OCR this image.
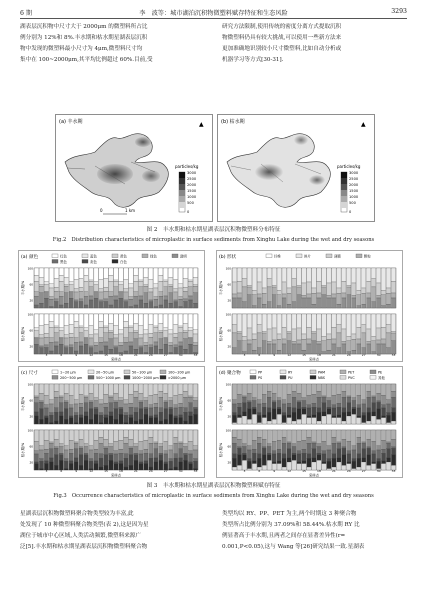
6 期	李　波等：城市湖泊沉积物微塑料赋存特征和生态风险	3293
湖表层沉积物中尺寸大于 2000μm 的微塑料所占比
例分别为 12%和 8%.丰水期和枯水期星湖表层沉积
物中发现的微塑料最小尺寸为 4μm,微塑料尺寸均
集中在 100~2000μm,其平均比例超过 60%.目前,受
研究方法限制,使用传统的密度分离方式提取沉积
物微塑料仍具有较大挑战,可以使用一些新方法来
更加准确地识别较小尺寸微塑料,比如自动分析或
机器学习等方式[30-31].
(a) 丰水期
particles/kg
3000
2500
2000
1500
1000
500
0
0	1 km
▲	(b) 枯水期
particles/kg
3000
2500
2000
1500
1000
500
0
▲
图 2　丰水期和枯水期星湖表层沉积物微塑料分布特征
Fig.2　Distribution characteristics of microplastic in surface sediments from Xinghu Lake during the wet and dry seasons
(a) 颜色	红色	蓝色	黄色	绿色	透明
黑色	灰色	白色
丰水期/%
100
60
20
枯水期/%
100
60
20
3	6	9	12	15	18	21	24	27	30	33
采样点
(b) 形状	纤维	碎片	薄膜	颗粒
丰水期/%
100
60
20
枯水期/%
100
60
20
3	6	9	12	15	18	21	24	27	30	33
采样点
(c) 尺寸	1~20 μm	20~50 μm	50~100 μm	100~200 μm
200~500 μm	500~1000 μm	1000~2000 μm	>2000 μm
丰水期/%
100
60
20
枯水期/%
100
60
20
3	6	9	12	15	18	21	24	27	30	33
采样点
(d) 聚合物	PP	RY	PAM	PET	PE
PS	PU	NBS	PVC	其他
丰水期/%
100
60
20
枯水期/%
100
60
20
3	6	9	12	15	18	21	24	27	30	33
采样点
图 3　丰水期和枯水期星湖表层沉积物微塑料赋存特征
Fig.3　Occurrence characteristics of microplastic in surface sediments from Xinghu Lake during the wet and dry seasons
星湖表层沉积物微塑料聚合物类型较为丰富,此
处发现了 10 种微塑料聚合物类型(表 2),这是因为星
湖位于城市中心区域,人类活动频繁,微塑料来源广
泛[5].丰水期和枯水期星湖表层沉积物微塑料聚合物
类型均以 RY、PP、PET 为主,两个时期这 3 种聚合物
类型所占比例分别为 37.09%和 58.44%.枯水期 RY 比
例显著高于丰水期,且两者之间存在显著差异性(r=
0.001,P<0.05),这与 Wang 等[26]研究结果一致.星湖表
